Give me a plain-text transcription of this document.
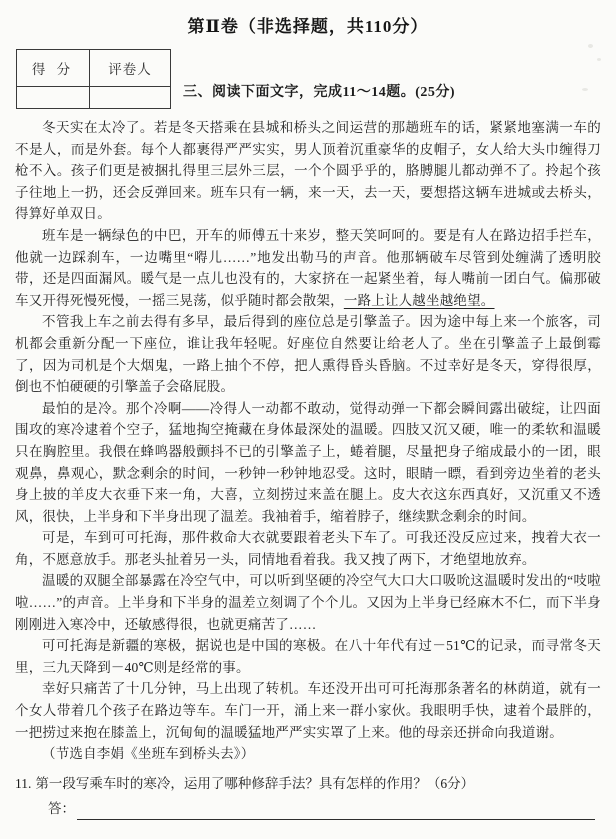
第Ⅱ卷（非选择题，共110分）
得 分	评卷人

三、阅读下面文字，完成11～14题。(25分)

冬天实在太冷了。若是冬天搭乘在县城和桥头之间运营的那趟班车的话，紧紧地塞满一车的不是人，而是外套。每个人都裹得严严实实，男人顶着沉重豪华的皮帽子，女人给大头巾缠得刀枪不入。孩子们更是被捆扎得里三层外三层，一个个圆乎乎的，胳膊腿儿都动弹不了。拎起个孩子往地上一扔，还会反弹回来。班车只有一辆，来一天，去一天，要想搭这辆车进城或去桥头，得算好单双日。

班车是一辆绿色的中巴，开车的师傅五十来岁，整天笑呵呵的。要是有人在路边招手拦车，他就一边踩刹车，一边嘴里“嘚儿……”地发出勒马的声音。他那辆破车尽管到处缠满了透明胶带，还是四面漏风。暖气是一点儿也没有的，大家挤在一起紧坐着，每人嘴前一团白气。偏那破车又开得死慢死慢，一摇三晃荡，似乎随时都会散架，一路上让人越坐越绝望。

不管我上车之前去得有多早，最后得到的座位总是引擎盖子。因为途中每上来一个旅客，司机都会重新分配一下座位，谁让我年轻呢。好座位自然要让给老人了。坐在引擎盖子上最倒霉了，因为司机是个大烟鬼，一路上抽个不停，把人熏得昏头昏脑。不过幸好是冬天，穿得很厚，倒也不怕硬硬的引擎盖子会硌屁股。

最怕的是冷。那个冷啊——冷得人一动都不敢动，觉得动弹一下都会瞬间露出破绽，让四面围攻的寒冷逮着个空子，猛地掏空掩藏在身体最深处的温暖。四肢又沉又硬，唯一的柔软和温暖只在胸腔里。我偎在蜂鸣器般颤抖不已的引擎盖子上，蜷着腿，尽量把身子缩成最小的一团，眼观鼻，鼻观心，默念剩余的时间，一秒钟一秒钟地忍受。这时，眼睛一瞟，看到旁边坐着的老头身上披的羊皮大衣垂下来一角，大喜，立刻捞过来盖在腿上。皮大衣这东西真好，又沉重又不透风，很快，上半身和下半身出现了温差。我袖着手，缩着脖子，继续默念剩余的时间。

可是，车到可可托海，那件救命大衣就要跟着老头下车了。可我还没反应过来，拽着大衣一角，不愿意放手。那老头扯着另一头，同情地看着我。我又拽了两下，才绝望地放弃。

温暖的双腿全部暴露在冷空气中，可以听到坚硬的冷空气大口大口吸吮这温暖时发出的“吱啦啦……”的声音。上半身和下半身的温差立刻调了个个儿。又因为上半身已经麻木不仁，而下半身刚刚进入寒冷中，还敏感得很，也就更痛苦了……

可可托海是新疆的寒极，据说也是中国的寒极。在八十年代有过－51℃的记录，而寻常冬天里，三九天降到－40℃则是经常的事。

幸好只痛苦了十几分钟，马上出现了转机。车还没开出可可托海那条著名的林荫道，就有一个女人带着几个孩子在路边等车。车门一开，涌上来一群小家伙。我眼明手快，逮着个最胖的，一把捞过来抱在膝盖上，沉甸甸的温暖猛地严严实实罩了上来。他的母亲还拼命向我道谢。

（节选自李娟《坐班车到桥头去》）

11. 第一段写乘车时的寒冷，运用了哪种修辞手法？具有怎样的作用？（6分）
答：
